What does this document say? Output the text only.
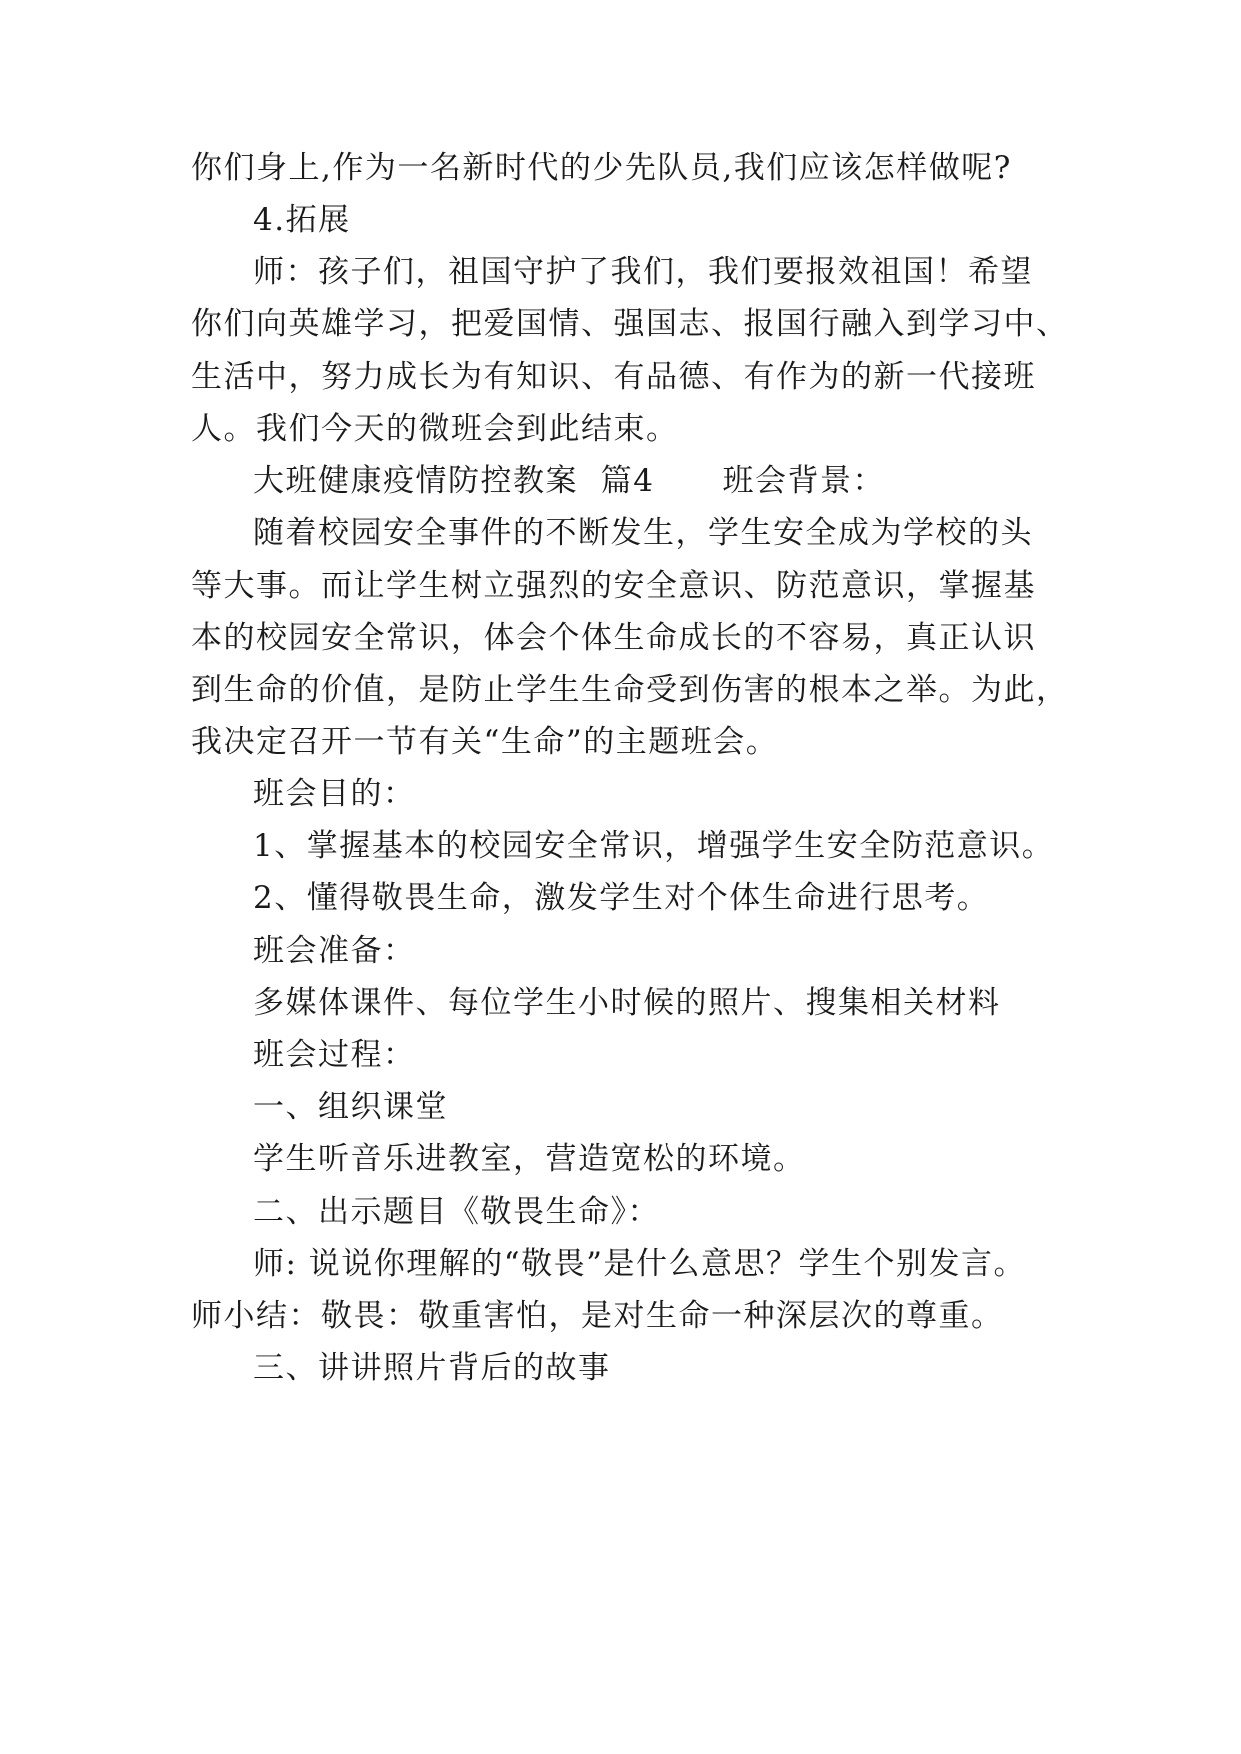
你们身上,作为一名新时代的少先队员,我们应该怎样做呢?
4.拓展
师：孩子们，祖国守护了我们，我们要报效祖国！希望
你们向英雄学习，把爱国情、强国志、报国行融入到学习中、
生活中，努力成长为有知识、有品德、有作为的新一代接班
人。我们今天的微班会到此结束。
大班健康疫情防控教案  篇4      班会背景：
随着校园安全事件的不断发生，学生安全成为学校的头
等大事。而让学生树立强烈的安全意识、防范意识，掌握基
本的校园安全常识，体会个体生命成长的不容易，真正认识
到生命的价值，是防止学生生命受到伤害的根本之举。为此，
我决定召开一节有关“生命”的主题班会。
班会目的：
1、掌握基本的校园安全常识，增强学生安全防范意识。
2、懂得敬畏生命，激发学生对个体生命进行思考。
班会准备：
多媒体课件、每位学生小时候的照片、搜集相关材料
班会过程：
一、组织课堂
学生听音乐进教室，营造宽松的环境。
二、出示题目《敬畏生命》：
师: 说说你理解的“敬畏”是什么意思？学生个别发言。
师小结：敬畏：敬重害怕，是对生命一种深层次的尊重。
三、讲讲照片背后的故事
